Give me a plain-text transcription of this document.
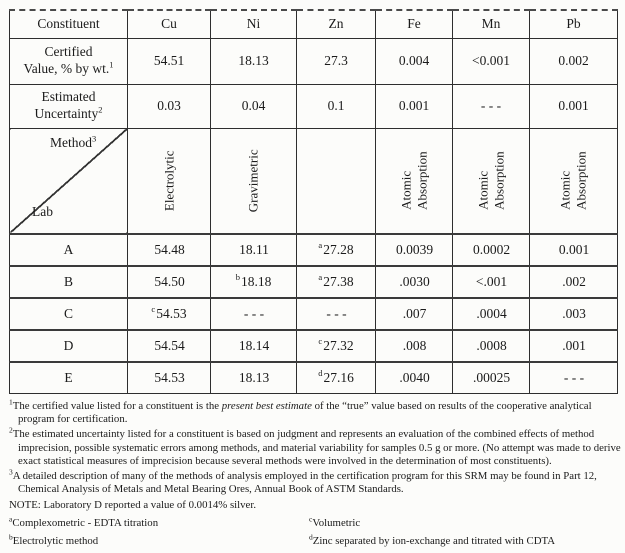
Constituent	Cu	Ni	Zn	Fe	Mn	Pb

Certified
Value, % by wt.$^1$	54.51	18.13	27.3	0.004	<0.001	0.002

Estimated
Uncertainty$^2$	0.03	0.04	0.1	0.001	- - -	0.001

Method$^3$
Lab

Electrolytic	Gravimetric		Atomic Absorption	Atomic Absorption	Atomic Absorption

A	54.48	18.11	$^a$27.28	0.0039	0.0002	0.001
B	54.50	$^b$18.18	$^a$27.38	.0030	<.001	.002
C	$^c$54.53	- - -	- - -	.007	.0004	.003
D	54.54	18.14	$^c$27.32	.008	.0008	.001
E	54.53	18.13	$^d$27.16	.0040	.00025	- - -
$^1$The certified value listed for a constituent is the present best estimate of the “true” value based on results of the cooperative analytical program for certification.
$^2$The estimated uncertainty listed for a constituent is based on judgment and represents an evaluation of the combined effects of method imprecision, possible systematic errors among methods, and material variability for samples 0.5 g or more. (No attempt was made to derive exact statistical measures of imprecision because several methods were involved in the determination of most constituents).
$^3$A detailed description of many of the methods of analysis employed in the certification program for this SRM may be found in Part 12, Chemical Analysis of Metals and Metal Bearing Ores, Annual Book of ASTM Standards.
NOTE: Laboratory D reported a value of 0.0014% silver.
$^a$Complexometric - EDTA titration
$^b$Electrolytic method
$^c$Volumetric
$^d$Zinc separated by ion-exchange and titrated with CDTA
